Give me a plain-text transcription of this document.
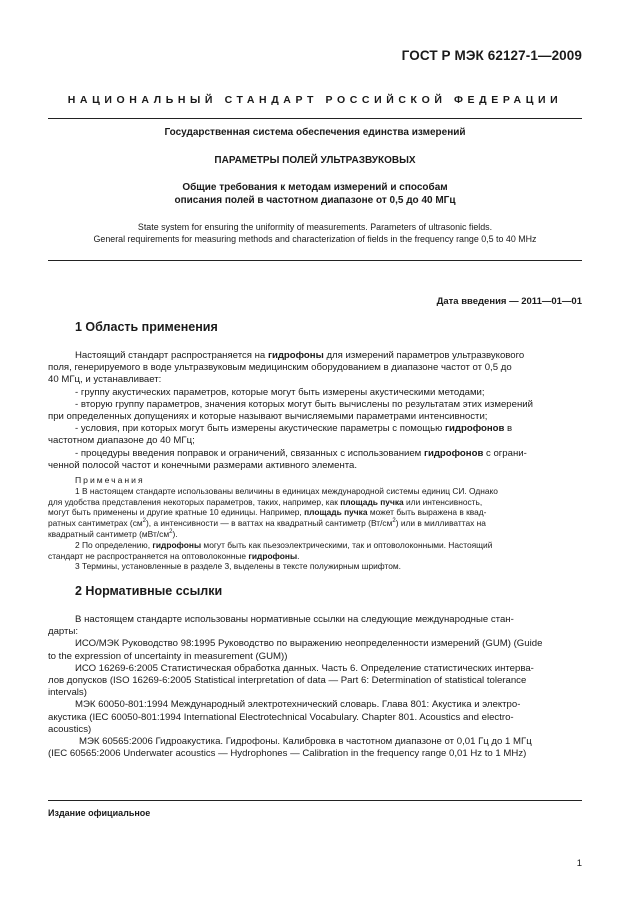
ГОСТ Р МЭК 62127-1—2009
НАЦИОНАЛЬНЫЙ СТАНДАРТ РОССИЙСКОЙ ФЕДЕРАЦИИ
Государственная система обеспечения единства измерений
ПАРАМЕТРЫ ПОЛЕЙ УЛЬТРАЗВУКОВЫХ
Общие требования к методам измерений и способам
описания полей в частотном диапазоне от 0,5 до 40 МГц
State system for ensuring the uniformity of measurements. Parameters of ultrasonic fields.
General requirements for measuring methods and characterization of fields in the frequency range 0,5 to 40 MHz
Дата введения — 2011—01—01
1 Область применения

Настоящий стандарт распространяется на гидрофоны для измерений параметров ультразвукового

поля, генерируемого в воде ультразвуковым медицинским оборудованием в диапазоне частот от 0,5 до

40 МГц, и устанавливает:

- группу акустических параметров, которые могут быть измерены акустическими методами;

- вторую группу параметров, значения которых могут быть вычислены по результатам этих измерений

при определенных допущениях и которые называют вычисляемыми параметрами интенсивности;

- условия, при которых могут быть измерены акустические параметры с помощью гидрофонов в

частотном диапазоне до 40 МГц;

- процедуры введения поправок и ограничений, связанных с использованием гидрофонов с ограни-

ченной полосой частот и конечными размерами активного элемента.

Примечания

1 В настоящем стандарте использованы величины в единицах международной системы единиц СИ. Однако

для удобства представления некоторых параметров, таких, например, как площадь пучка или интенсивность,

могут быть применены и другие кратные 10 единицы. Например, площадь пучка может быть выражена в квад-

ратных сантиметрах $(см^2)$, а интенсивности — в ваттах на квадратный сантиметр $(Вт/см^2)$ или в милливаттах на

квадратный сантиметр $(мВт/см^2)$.

2 По определению, гидрофоны могут быть как пьезоэлектрическими, так и оптоволоконными. Настоящий

стандарт не распространяется на оптоволоконные гидрофоны.

3 Термины, установленные в разделе 3, выделены в тексте полужирным шрифтом.

2 Нормативные ссылки

В настоящем стандарте использованы нормативные ссылки на следующие международные стан-

дарты:

ИСО/МЭК Руководство 98:1995 Руководство по выражению неопределенности измерений (GUM) (Guide

to the expression of uncertainty in measurement (GUM))

ИСО 16269-6:2005 Статистическая обработка данных. Часть 6. Определение статистических интерва-

лов допусков (ISO 16269-6:2005 Statistical interpretation of data — Part 6: Determination of statistical tolerance

intervals)

МЭК 60050-801:1994 Международный электротехнический словарь. Глава 801: Акустика и электро-

акустика (IEC 60050-801:1994 International Electrotechnical Vocabulary. Chapter 801. Acoustics and electro-

acoustics)

МЭК 60565:2006 Гидроакустика. Гидрофоны. Калибровка в частотном диапазоне от 0,01 Гц до 1 МГц

(IEC 60565:2006 Underwater acoustics — Hydrophones — Calibration in the frequency range 0,01 Hz to 1 MHz)

Издание официальное
1
